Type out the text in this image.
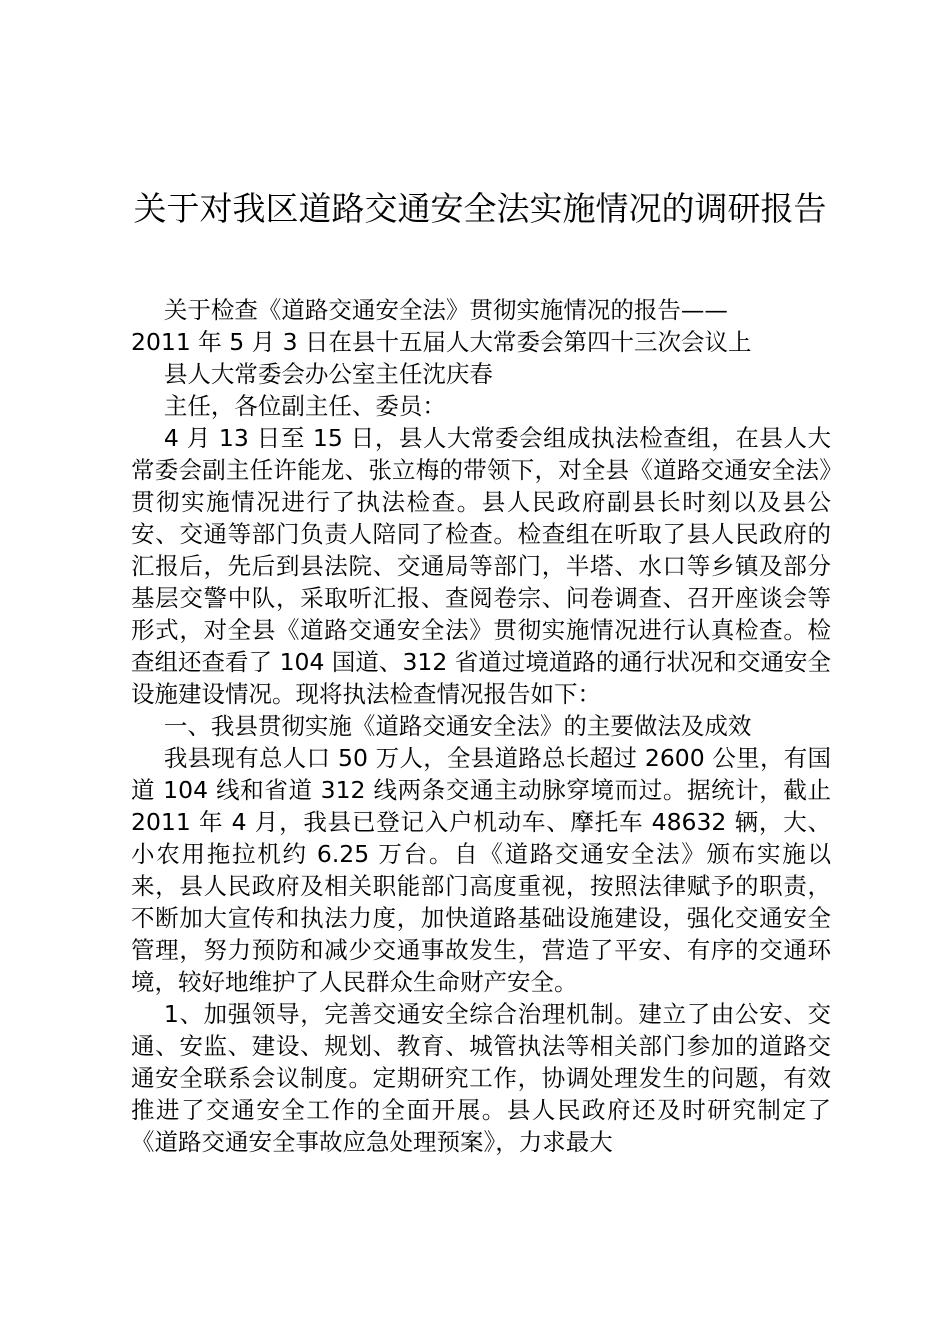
关于对我区道路交通安全法实施情况的调研报告

关于检查《道路交通安全法》贯彻实施情况的报告——

2011 年 5 月 3 日在县十五届人大常委会第四十三次会议上

县人大常委会办公室主任沈庆春

主任，各位副主任、委员：

4 月 13 日至 15 日，县人大常委会组成执法检查组，在县人大常委会副主任许能龙、张立梅的带领下，对全县《道路交通安全法》贯彻实施情况进行了执法检查。县人民政府副县长时刻以及县公安、交通等部门负责人陪同了检查。检查组在听取了县人民政府的汇报后，先后到县法院、交通局等部门，半塔、水口等乡镇及部分基层交警中队，采取听汇报、查阅卷宗、问卷调查、召开座谈会等形式，对全县《道路交通安全法》贯彻实施情况进行认真检查。检查组还查看了 104 国道、312 省道过境道路的通行状况和交通安全设施建设情况。现将执法检查情况报告如下：

一、我县贯彻实施《道路交通安全法》的主要做法及成效

我县现有总人口 50 万人，全县道路总长超过 2600 公里，有国道 104 线和省道 312 线两条交通主动脉穿境而过。据统计，截止 2011 年 4 月，我县已登记入户机动车、摩托车 48632 辆，大、小农用拖拉机约 6.25 万台。自《道路交通安全法》颁布实施以来，县人民政府及相关职能部门高度重视，按照法律赋予的职责，不断加大宣传和执法力度，加快道路基础设施建设，强化交通安全管理，努力预防和减少交通事故发生，营造了平安、有序的交通环境，较好地维护了人民群众生命财产安全。

1、加强领导，完善交通安全综合治理机制。建立了由公安、交通、安监、建设、规划、教育、城管执法等相关部门参加的道路交通安全联系会议制度。定期研究工作，协调处理发生的问题，有效推进了交通安全工作的全面开展。县人民政府还及时研究制定了《道路交通安全事故应急处理预案》，力求最大
